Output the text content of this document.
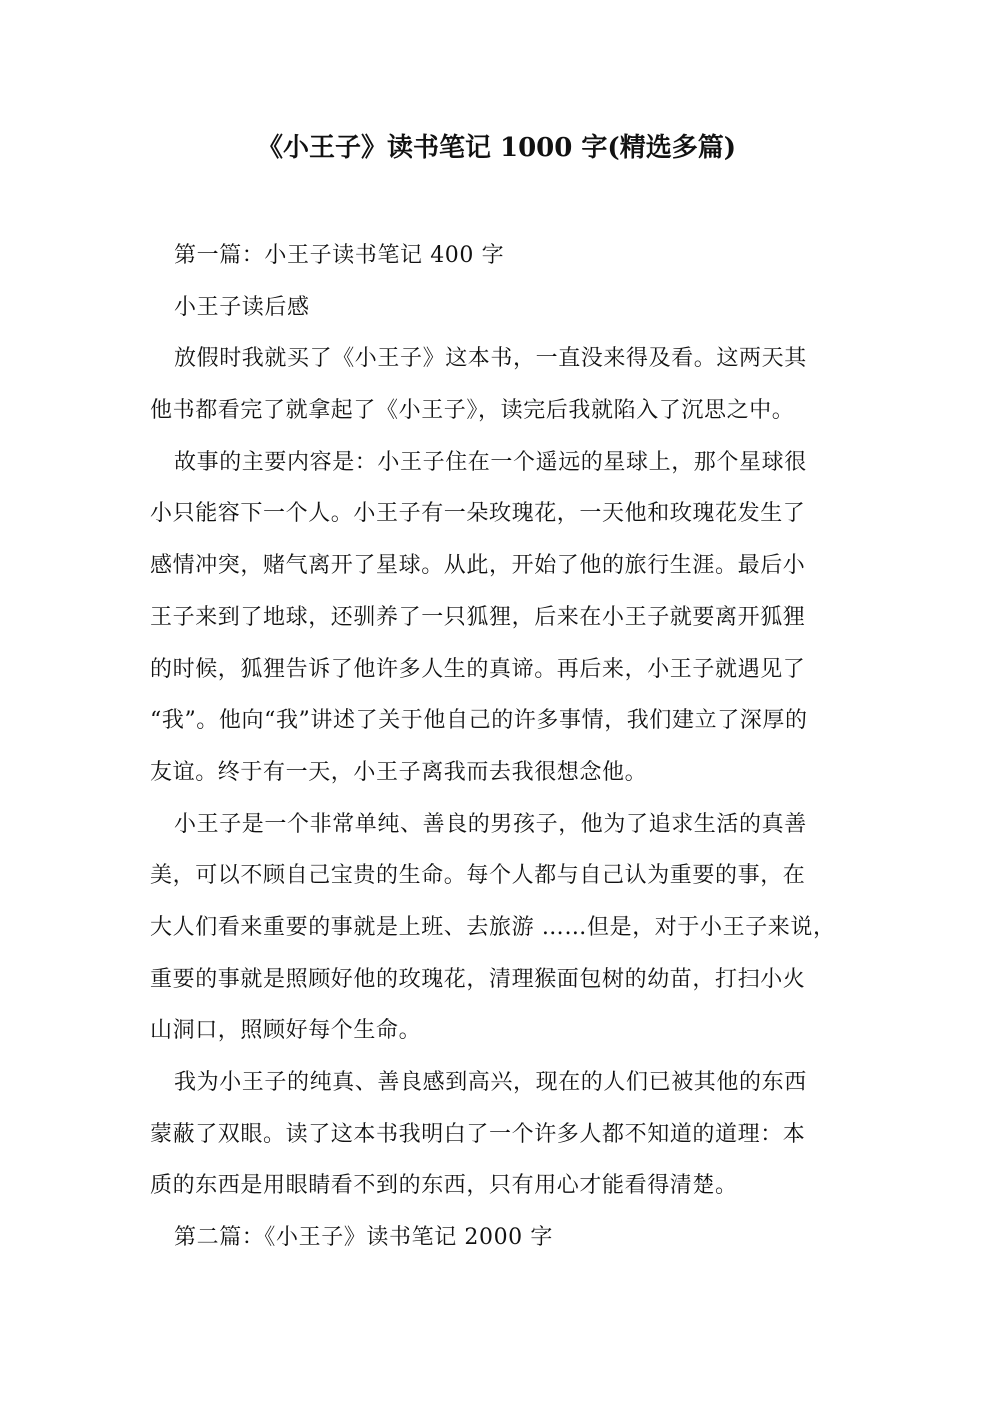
《小王子》读书笔记 1000 字(精选多篇)
第一篇：小王子读书笔记 400 字
小王子读后感
放假时我就买了《小王子》这本书，一直没来得及看。这两天其
他书都看完了就拿起了《小王子》，读完后我就陷入了沉思之中。
故事的主要内容是：小王子住在一个遥远的星球上，那个星球很
小只能容下一个人。小王子有一朵玫瑰花，一天他和玫瑰花发生了
感情冲突，赌气离开了星球。从此，开始了他的旅行生涯。最后小
王子来到了地球，还驯养了一只狐狸，后来在小王子就要离开狐狸
的时候，狐狸告诉了他许多人生的真谛。再后来，小王子就遇见了
“我”。他向“我”讲述了关于他自己的许多事情，我们建立了深厚的
友谊。终于有一天，小王子离我而去我很想念他。
小王子是一个非常单纯、善良的男孩子，他为了追求生活的真善
美，可以不顾自己宝贵的生命。每个人都与自己认为重要的事，在
大人们看来重要的事就是上班、去旅游 ……但是，对于小王子来说，
重要的事就是照顾好他的玫瑰花，清理猴面包树的幼苗，打扫小火
山洞口，照顾好每个生命。
我为小王子的纯真、善良感到高兴，现在的人们已被其他的东西
蒙蔽了双眼。读了这本书我明白了一个许多人都不知道的道理：本
质的东西是用眼睛看不到的东西，只有用心才能看得清楚。
第二篇：《小王子》读书笔记 2000 字
